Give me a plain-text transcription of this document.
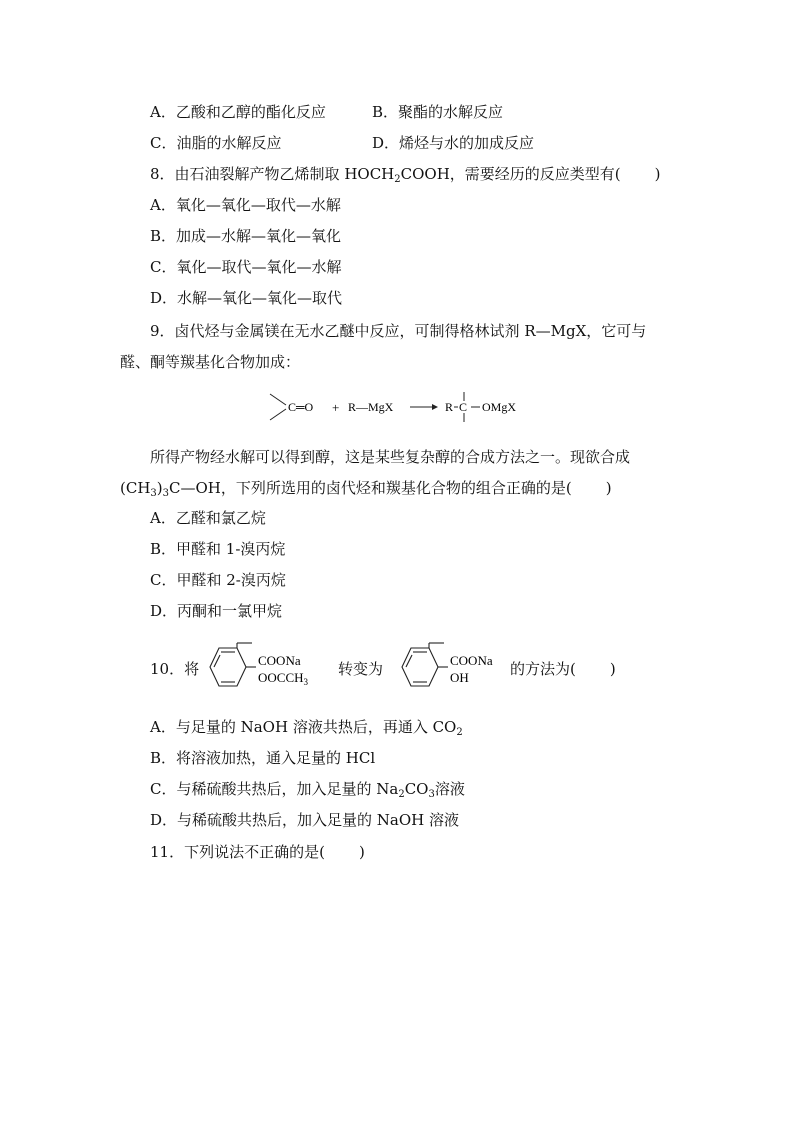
A．乙酸和乙醇的酯化反应	B．聚酯的水解反应
C．油脂的水解反应	D．烯烃与水的加成反应
8．由石油裂解产物乙烯制取 $HOCH_2COOH$，需要经历的反应类型有( )
A．氧化—氧化—取代—水解
B．加成—水解—氧化—氧化
C．氧化—取代—氧化—水解
D．水解—氧化—氧化—取代
9．卤代烃与金属镁在无水乙醚中反应，可制得格林试剂 R—MgX，它可与
醛、酮等羰基化合物加成：
C═O + R—MgX	R C OMgX
所得产物经水解可以得到醇，这是某些复杂醇的合成方法之一。现欲合成
$(CH_3)_3C—OH$，下列所选用的卤代烃和羰基化合物的组合正确的是( )
A．乙醛和氯乙烷
B．甲醛和 1-溴丙烷
C．甲醛和 2-溴丙烷
D．丙酮和一氯甲烷
10．将	COONa
$OOCCH_3$
转变为	COONa
OH	的方法为( )
A．与足量的 NaOH 溶液共热后，再通入 $CO_2$
B．将溶液加热，通入足量的 HCl
C．与稀硫酸共热后，加入足量的 $Na_2CO_3$溶液
D．与稀硫酸共热后，加入足量的 NaOH 溶液
11．下列说法不正确的是( )
